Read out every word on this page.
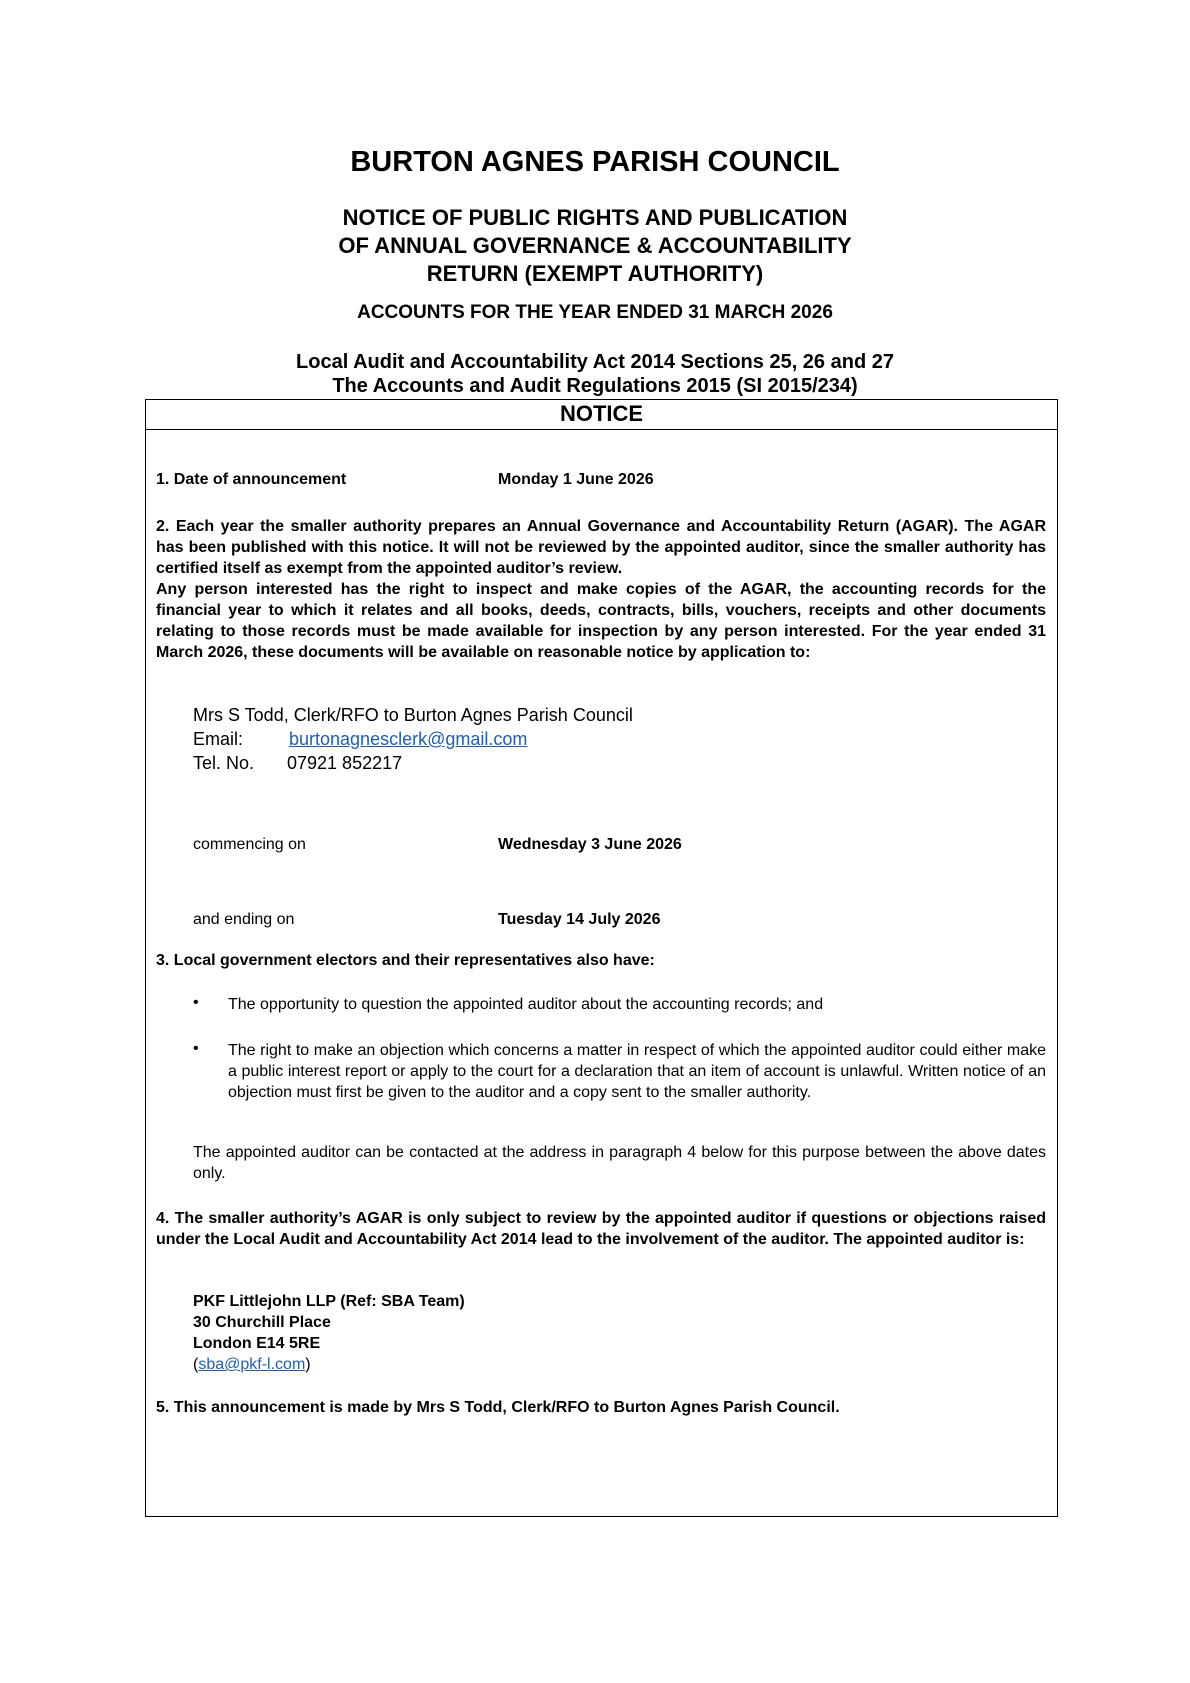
BURTON AGNES PARISH COUNCIL
NOTICE OF PUBLIC RIGHTS AND PUBLICATION
OF ANNUAL GOVERNANCE & ACCOUNTABILITY
RETURN (EXEMPT AUTHORITY)
ACCOUNTS FOR THE YEAR ENDED 31 MARCH 2026
Local Audit and Accountability Act 2014 Sections 25, 26 and 27
The Accounts and Audit Regulations 2015 (SI 2015/234)
NOTICE
1. Date of announcement	Monday 1 June 2026
2. Each year the smaller authority prepares an Annual Governance and Accountability Return (AGAR). The AGAR has been published with this notice. It will not be reviewed by the appointed auditor, since the smaller authority has certified itself as exempt from the appointed auditor’s review.
Any person interested has the right to inspect and make copies of the AGAR, the accounting records for the financial year to which it relates and all books, deeds, contracts, bills, vouchers, receipts and other documents relating to those records must be made available for inspection by any person interested. For the year ended 31 March 2026, these documents will be available on reasonable notice by application to:
Mrs S Todd, Clerk/RFO to Burton Agnes Parish Council
Email:	burtonagnesclerk@gmail.com
Tel. No. 07921 852217
commencing on	Wednesday 3 June 2026
and ending on	Tuesday 14 July 2026
3. Local government electors and their representatives also have:
• The opportunity to question the appointed auditor about the accounting records; and
• The right to make an objection which concerns a matter in respect of which the appointed auditor could either make a public interest report or apply to the court for a declaration that an item of account is unlawful. Written notice of an objection must first be given to the auditor and a copy sent to the smaller authority.
The appointed auditor can be contacted at the address in paragraph 4 below for this purpose between the above dates only.
4. The smaller authority’s AGAR is only subject to review by the appointed auditor if questions or objections raised under the Local Audit and Accountability Act 2014 lead to the involvement of the auditor. The appointed auditor is:
PKF Littlejohn LLP (Ref: SBA Team)
30 Churchill Place
London E14 5RE
(sba@pkf-l.com)
5. This announcement is made by Mrs S Todd, Clerk/RFO to Burton Agnes Parish Council.
